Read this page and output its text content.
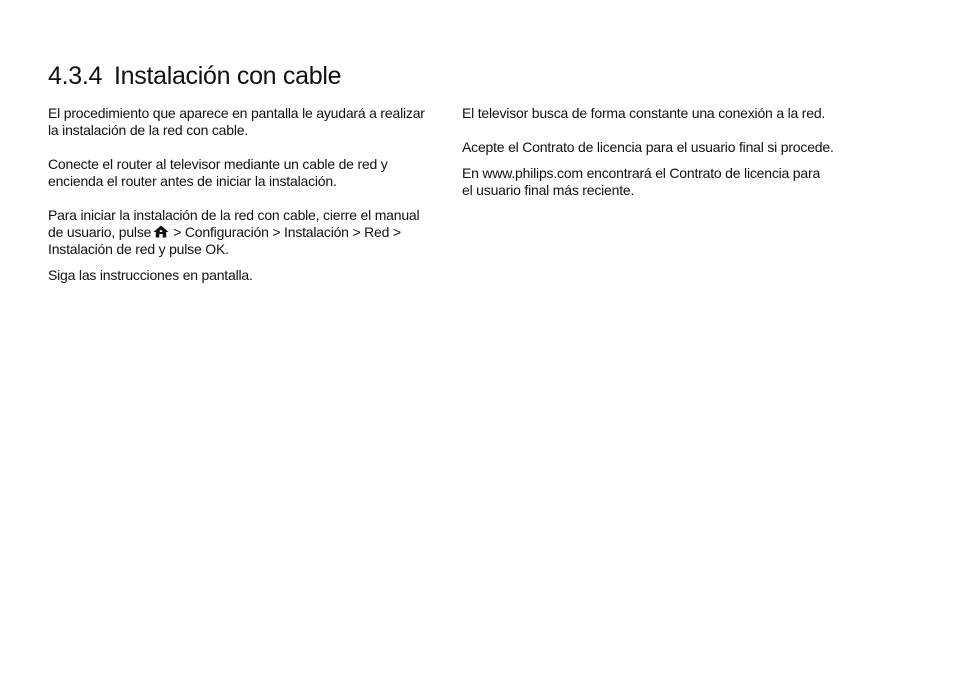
4.3.4 Instalación con cable

El procedimiento que aparece en pantalla le ayudará a realizar la instalación de la red con cable.

Conecte el router al televisor mediante un cable de red y encienda el router antes de iniciar la instalación.

Para iniciar la instalación de la red con cable, cierre el manual de usuario, pulse > Configuración > Instalación > Red > Instalación de red y pulse OK.

Siga las instrucciones en pantalla.

El televisor busca de forma constante una conexión a la red.

Acepte el Contrato de licencia para el usuario final si procede.

En www.philips.com encontrará el Contrato de licencia para el usuario final más reciente.
